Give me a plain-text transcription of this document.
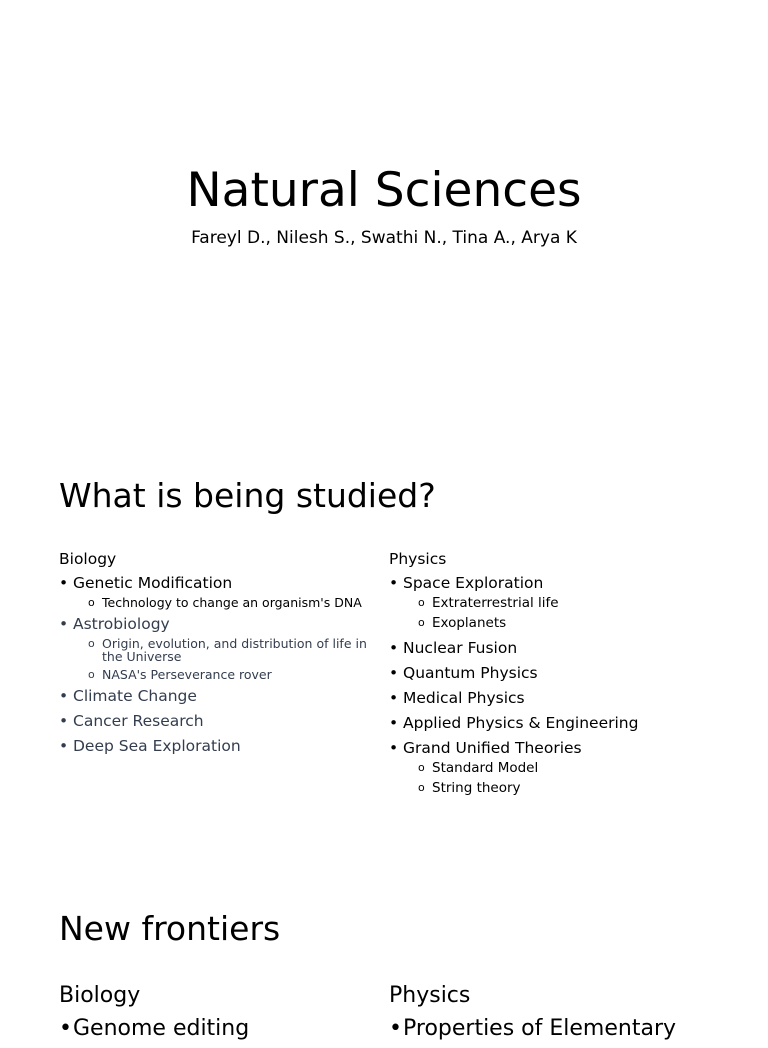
Natural Sciences
Fareyl D., Nilesh S., Swathi N., Tina A., Arya K
What is being studied?
Biology
• Genetic Modification
o Technology to change an organism's DNA
• Astrobiology
o Origin, evolution, and distribution of life in the Universe
o NASA's Perseverance rover
• Climate Change
• Cancer Research
• Deep Sea Exploration
Physics
• Space Exploration
o Extraterrestrial life
o Exoplanets
• Nuclear Fusion
• Quantum Physics
• Medical Physics
• Applied Physics & Engineering
• Grand Unified Theories
o Standard Model
o String theory
New frontiers
Biology
• Genome editing
Physics
• Properties of Elementary
